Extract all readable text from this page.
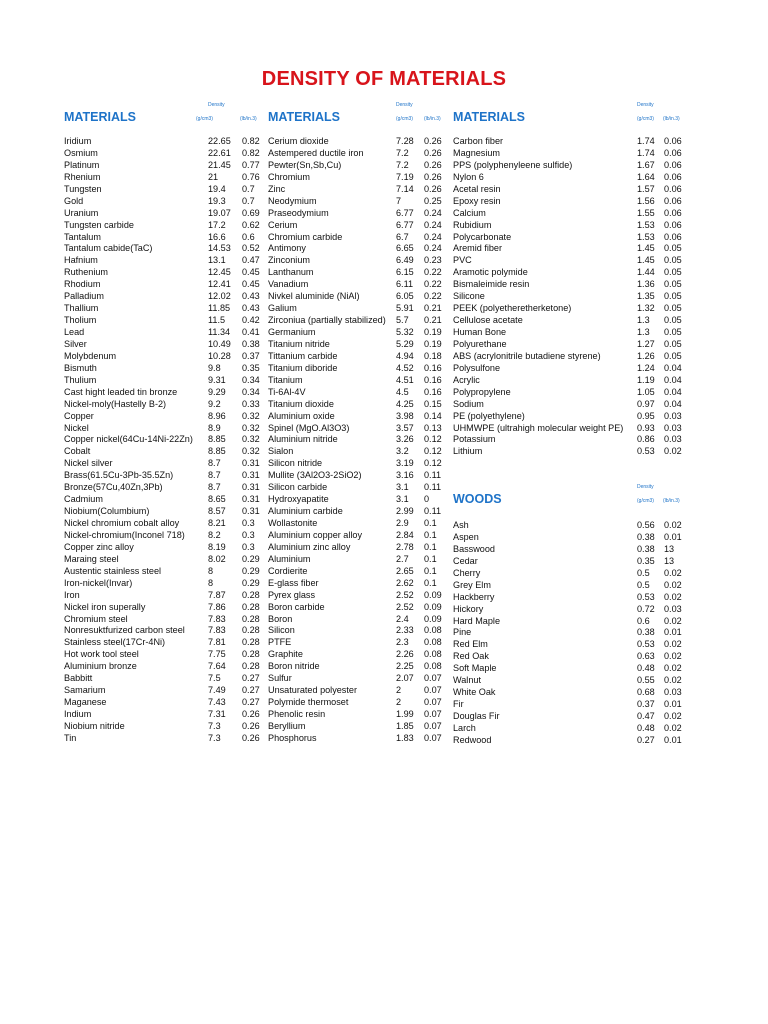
DENSITY OF MATERIALS
MATERIALS
Density
(g/cm3)	(lb/in.3)
Iridium	22.65 0.82
Osmium	22.61 0.82
Platinum	21.45 0.77
Rhenium	21	0.76
Tungsten	19.4 0.7
Gold	19.3 0.7
Uranium	19.07 0.69
Tungsten carbide	17.2 0.62
Tantalum	16.6 0.6
Tantalum cabide(TaC)	14.53 0.52
Hafnium	13.1 0.47
Ruthenium	12.45 0.45
Rhodium	12.41 0.45
Palladium	12.02 0.43
Thallium	11.85 0.43
Tholium	11.5 0.42
Lead	11.34 0.41
Silver	10.49 0.38
Molybdenum	10.28 0.37
Bismuth	9.8 0.35
Thulium	9.31 0.34
Cast hight leaded tin bronze	9.29 0.34
Nickel-moly(Hastelly B-2)	9.2 0.33
Copper	8.96 0.32
Nickel	8.9 0.32
Copper nickel(64Cu-14Ni-22Zn) 8.85 0.32
Cobalt	8.85 0.32
Nickel silver	8.7 0.31
Brass(61.5Cu-3Pb-35.5Zn)	8.7 0.31
Bronze(57Cu,40Zn,3Pb)	8.7 0.31
Cadmium	8.65 0.31
Niobium(Columbium)	8.57 0.31
Nickel chromium cobalt alloy	8.21 0.3
Nickel-chromium(Inconel 718)	8.2 0.3
Copper zinc alloy	8.19 0.3
Maraing steel	8.02 0.29
Austentic stainless steel	8	0.29
Iron-nickel(Invar)	8	0.29
Iron	7.87 0.28
Nickel iron superally	7.86 0.28
Chromium steel	7.83 0.28
Nonresuktfurized carbon steel	7.83 0.28
Stainless steel(17Cr-4Ni)	7.81 0.28
Hot work tool steel	7.75 0.28
Aluminium bronze	7.64 0.28
Babbitt	7.5 0.27
Samarium	7.49 0.27
Maganese	7.43 0.27
Indium	7.31 0.26
Niobium nitride	7.3 0.26
Tin	7.3 0.26
MATERIALS
Density
(g/cm3) (lb/in.3)
Cerium dioxide	7.28 0.26
Astempered ductile iron	7.2 0.26
Pewter(Sn,Sb,Cu)	7.2 0.26
Chromium	7.19 0.26
Zinc	7.14 0.26
Neodymium	7	0.25
Praseodymium	6.77 0.24
Cerium	6.77 0.24
Chromium carbide	6.7 0.24
Antimony	6.65 0.24
Zinconium	6.49 0.23
Lanthanum	6.15 0.22
Vanadium	6.11 0.22
Nivkel aluminide (NiAl)	6.05 0.22
Galium	5.91 0.21
Zirconiua (partially stabilized) 5.7 0.21
Germanium	5.32 0.19
Titanium nitride	5.29 0.19
Tittanium carbide	4.94 0.18
Titanium diboride	4.52 0.16
Titanium	4.51 0.16
Ti-6Al-4V	4.5 0.16
Titanium dioxide	4.25 0.15
Aluminium oxide	3.98 0.14
Spinel (MgO.Al3O3)	3.57 0.13
Aluminium nitride	3.26 0.12
Sialon	3.2 0.12
Silicon nitride	3.19 0.12
Mullite (3Al2O3-2SiO2)	3.16 0.11
Silicon carbide	3.1 0.11
Hydroxyapatite	3.1 0
Aluminium carbide	2.99 0.11
Wollastonite	2.9 0.1
Aluminium copper alloy	2.84 0.1
Aluminium zinc alloy	2.78 0.1
Aluminium	2.7 0.1
Cordierite	2.65 0.1
E-glass fiber	2.62 0.1
Pyrex glass	2.52 0.09
Boron carbide	2.52 0.09
Boron	2.4 0.09
Silicon	2.33 0.08
PTFE	2.3 0.08
Graphite	2.26 0.08
Boron nitride	2.25 0.08
Sulfur	2.07 0.07
Unsaturated polyester	2	0.07
Polymide thermoset	2	0.07
Phenolic resin	1.99 0.07
Beryllium	1.85 0.07
Phosphorus	1.83 0.07
MATERIALS
Density
(g/cm3) (lb/in.3)
Carbon fiber	1.74 0.06
Magnesium	1.74 0.06
PPS (polyphenyleene sulfide)	1.67 0.06
Nylon 6	1.64 0.06
Acetal resin	1.57 0.06
Epoxy resin	1.56 0.06
Calcium	1.55 0.06
Rubidium	1.53 0.06
Polycarbonate	1.53 0.06
Aremid fiber	1.45 0.05
PVC	1.45 0.05
Aramotic polymide	1.44 0.05
Bismaleimide resin	1.36 0.05
Silicone	1.35 0.05
PEEK (polyetheretherketone)	1.32 0.05
Cellulose acetate	1.3 0.05
Human Bone	1.3 0.05
Polyurethane	1.27 0.05
ABS (acrylonitrile butadiene styrene)	1.26 0.05
Polysulfone	1.24 0.04
Acrylic	1.19 0.04
Polypropylene	1.05 0.04
Sodium	0.97 0.04
PE (polyethylene)	0.95 0.03
UHMWPE (ultrahigh molecular weight PE) 0.93 0.03
Potassium	0.86 0.03
Lithium	0.53 0.02
WOODS
Density
(g/cm3) (lb/in.3)
Ash	0.56 0.02
Aspen	0.38 0.01
Basswood	0.38 13
Cedar	0.35 13
Cherry	0.5 0.02
Grey Elm	0.5 0.02
Hackberry	0.53 0.02
Hickory	0.72 0.03
Hard Maple	0.6 0.02
Pine	0.38 0.01
Red Elm	0.53 0.02
Red Oak	0.63 0.02
Soft Maple	0.48 0.02
Walnut	0.55 0.02
White Oak	0.68 0.03
Fir	0.37 0.01
Douglas Fir	0.47 0.02
Larch	0.48 0.02
Redwood	0.27 0.01
